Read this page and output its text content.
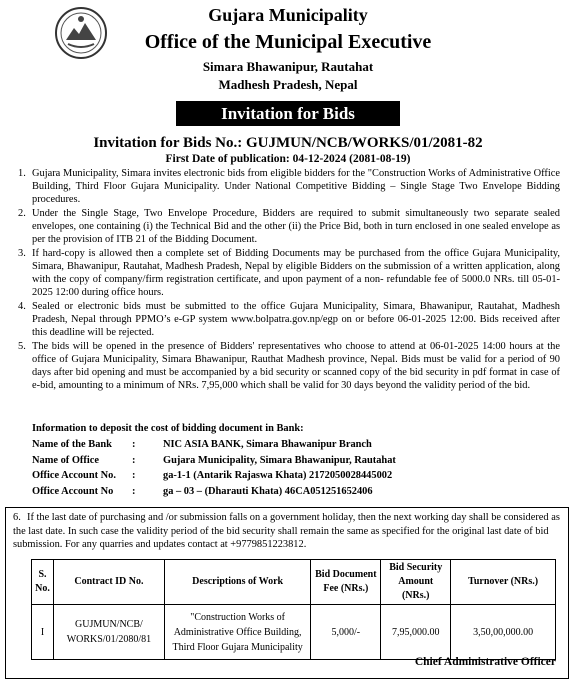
Gujara Municipality
Office of the Municipal Executive
Simara Bhawanipur, Rautahat
Madhesh Pradesh, Nepal
Invitation for Bids
Invitation for Bids No.: GUJMUN/NCB/WORKS/01/2081-82
First Date of publication: 04-12-2024 (2081-08-19)
1. Gujara Municipality, Simara invites electronic bids from eligible bidders for the "Construction Works of Administrative Office Building, Third Floor Gujara Municipality. Under National Competitive Bidding – Single Stage Two Envelope Bidding procedures.
2. Under the Single Stage, Two Envelope Procedure, Bidders are required to submit simultaneously two separate sealed envelopes, one containing (i) the Technical Bid and the other (ii) the Price Bid, both in turn enclosed in one sealed envelope as per the provision of ITB 21 of the Bidding Document.
3. If hard-copy is allowed then a complete set of Bidding Documents may be purchased from the office Gujara Municipality, Simara, Bhawanipur, Rautahat, Madhesh Pradesh, Nepal by eligible Bidders on the submission of a written application, along with the copy of company/firm registration certificate, and upon payment of a non- refundable fee of 5000.0 NRs. till 05-01-2025 12:00 during office hours.
4. Sealed or electronic bids must be submitted to the office Gujara Municipality, Simara, Bhawanipur, Rautahat, Madhesh Pradesh, Nepal through PPMO’s e-GP system www.bolpatra.gov.np/egp on or before 06-01-2025 12:00. Bids received after this deadline will be rejected.
5. The bids will be opened in the presence of Bidders' representatives who choose to attend at 06-01-2025 14:00 hours at the office of Gujara Municipality, Simara Bhawanipur, Rauthat Madhesh province, Nepal. Bids must be valid for a period of 90 days after bid opening and must be accompanied by a bid security or scanned copy of the bid security in pdf format in case of e-bid, amounting to a minimum of NRs. 7,95,000 which shall be valid for 30 days beyond the validity period of the bid.
Information to deposit the cost of bidding document in Bank:
Name of the Bank	:	NIC ASIA BANK, Simara Bhawanipur Branch
Name of Office	:	Gujara Municipality, Simara Bhawanipur, Rautahat
Office Account No.	:	ga-1-1 (Antarik Rajaswa Khata) 2172050028445002
Office Account No	:	ga – 03 – (Dharauti Khata) 46CA051251652406
6. If the last date of purchasing and /or submission falls on a government holiday, then the next working day shall be considered as the last date. In such case the validity period of the bid security shall remain the same as specified for the original last date of bid submission. For any quarries and updates contact at +9779851223812.
S. No.	Contract ID No.	Descriptions of Work	Bid Document Fee (NRs.)	Bid Security Amount (NRs.)	Turnover (NRs.)
I	GUJMUN/NCB/ WORKS/01/2080/81	"Construction Works of Administrative Office Building, Third Floor Gujara Municipality	5,000/-	7,95,000.00	3,50,00,000.00
Chief Administrative Officer
